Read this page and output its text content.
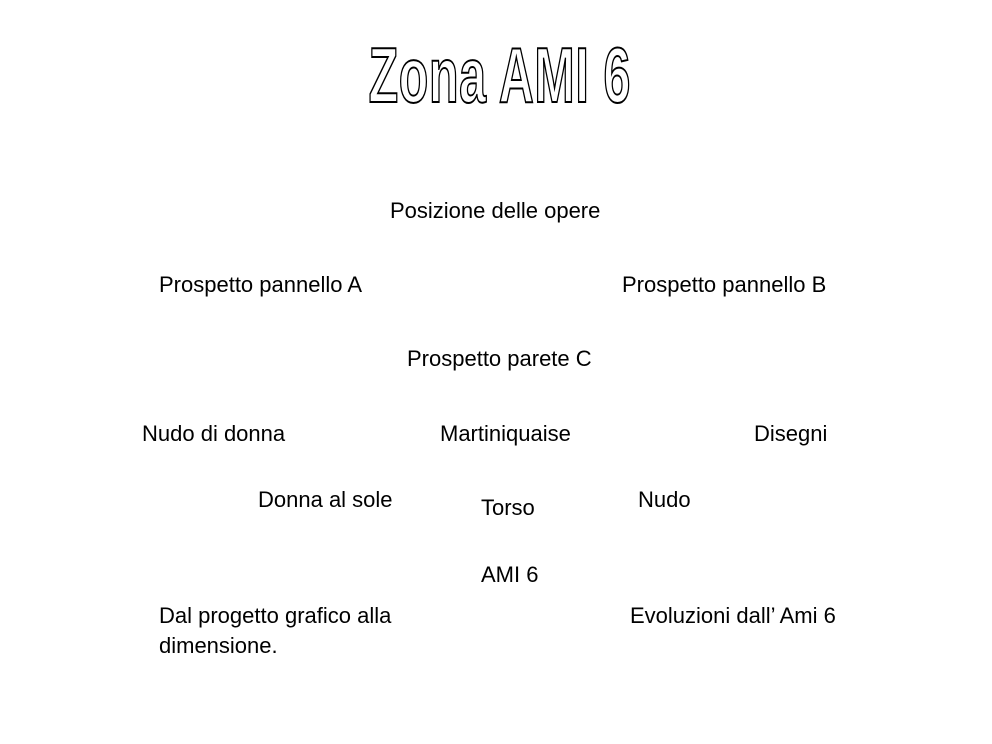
Zona AMI 6
Posizione delle opere
Prospetto pannello A	Prospetto pannello B
Prospetto parete C
Nudo di donna	Martiniquaise	Disegni
Donna al sole	Torso	Nudo
AMI 6
Dal progetto grafico alla dimensione.
Evoluzioni dall’ Ami 6
